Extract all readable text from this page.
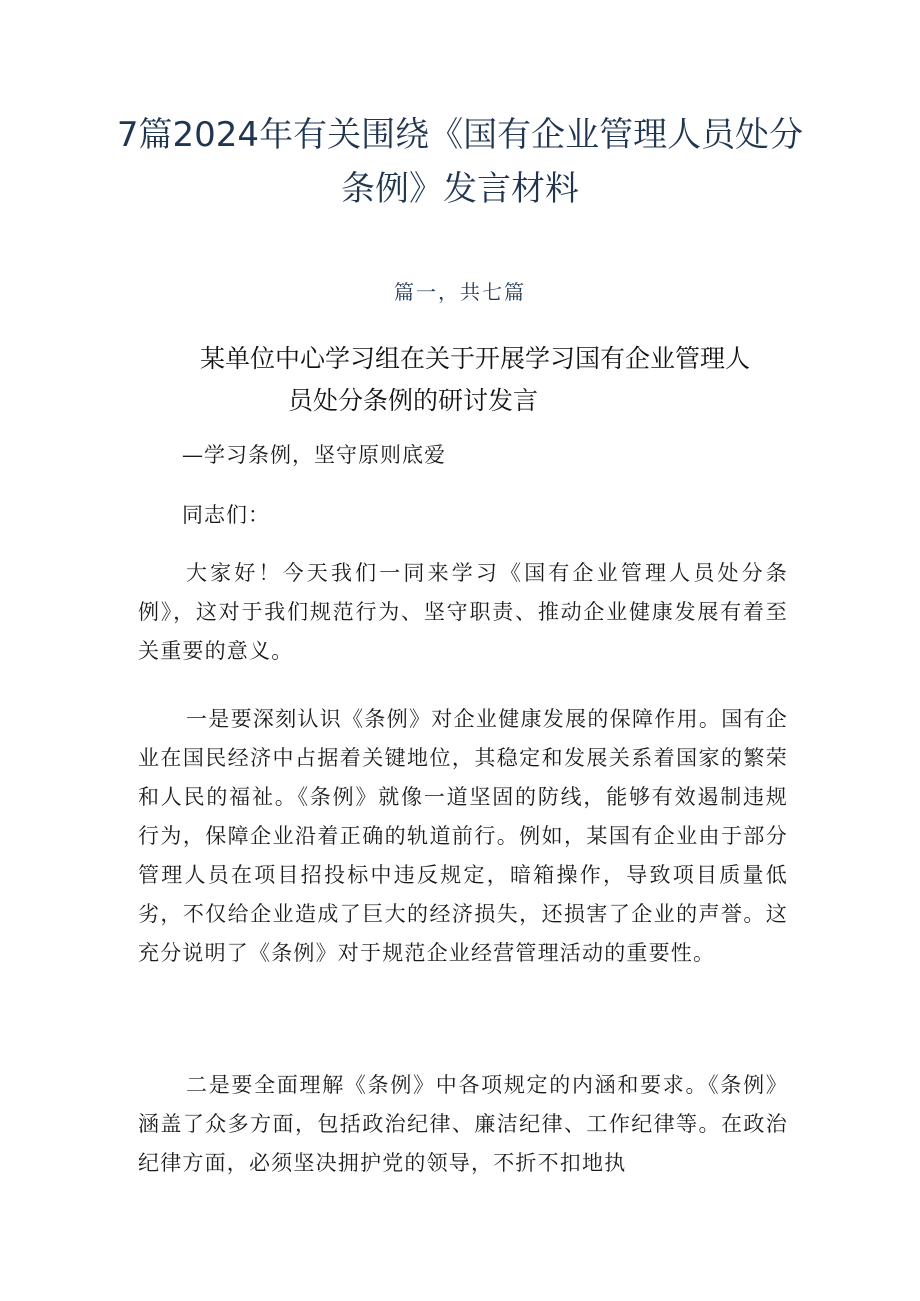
7篇2024年有关围绕《国有企业管理人员处分条例》发言材料

篇一，共七篇

某单位中心学习组在关于开展学习国有企业管理人
员处分条例的研讨发言

—学习条例，坚守原则底爱

同志们：

大家好！今天我们一同来学习《国有企业管理人员处分条例》，这对于我们规范行为、坚守职责、推动企业健康发展有着至关重要的意义。

一是要深刻认识《条例》对企业健康发展的保障作用。国有企业在国民经济中占据着关键地位，其稳定和发展关系着国家的繁荣和人民的福祉。《条例》就像一道坚固的防线，能够有效遏制违规行为，保障企业沿着正确的轨道前行。例如，某国有企业由于部分管理人员在项目招投标中违反规定，暗箱操作，导致项目质量低劣，不仅给企业造成了巨大的经济损失，还损害了企业的声誉。这充分说明了《条例》对于规范企业经营管理活动的重要性。

二是要全面理解《条例》中各项规定的内涵和要求。《条例》涵盖了众多方面，包括政治纪律、廉洁纪律、工作纪律等。在政治纪律方面，必须坚决拥护党的领导，不折不扣地执
